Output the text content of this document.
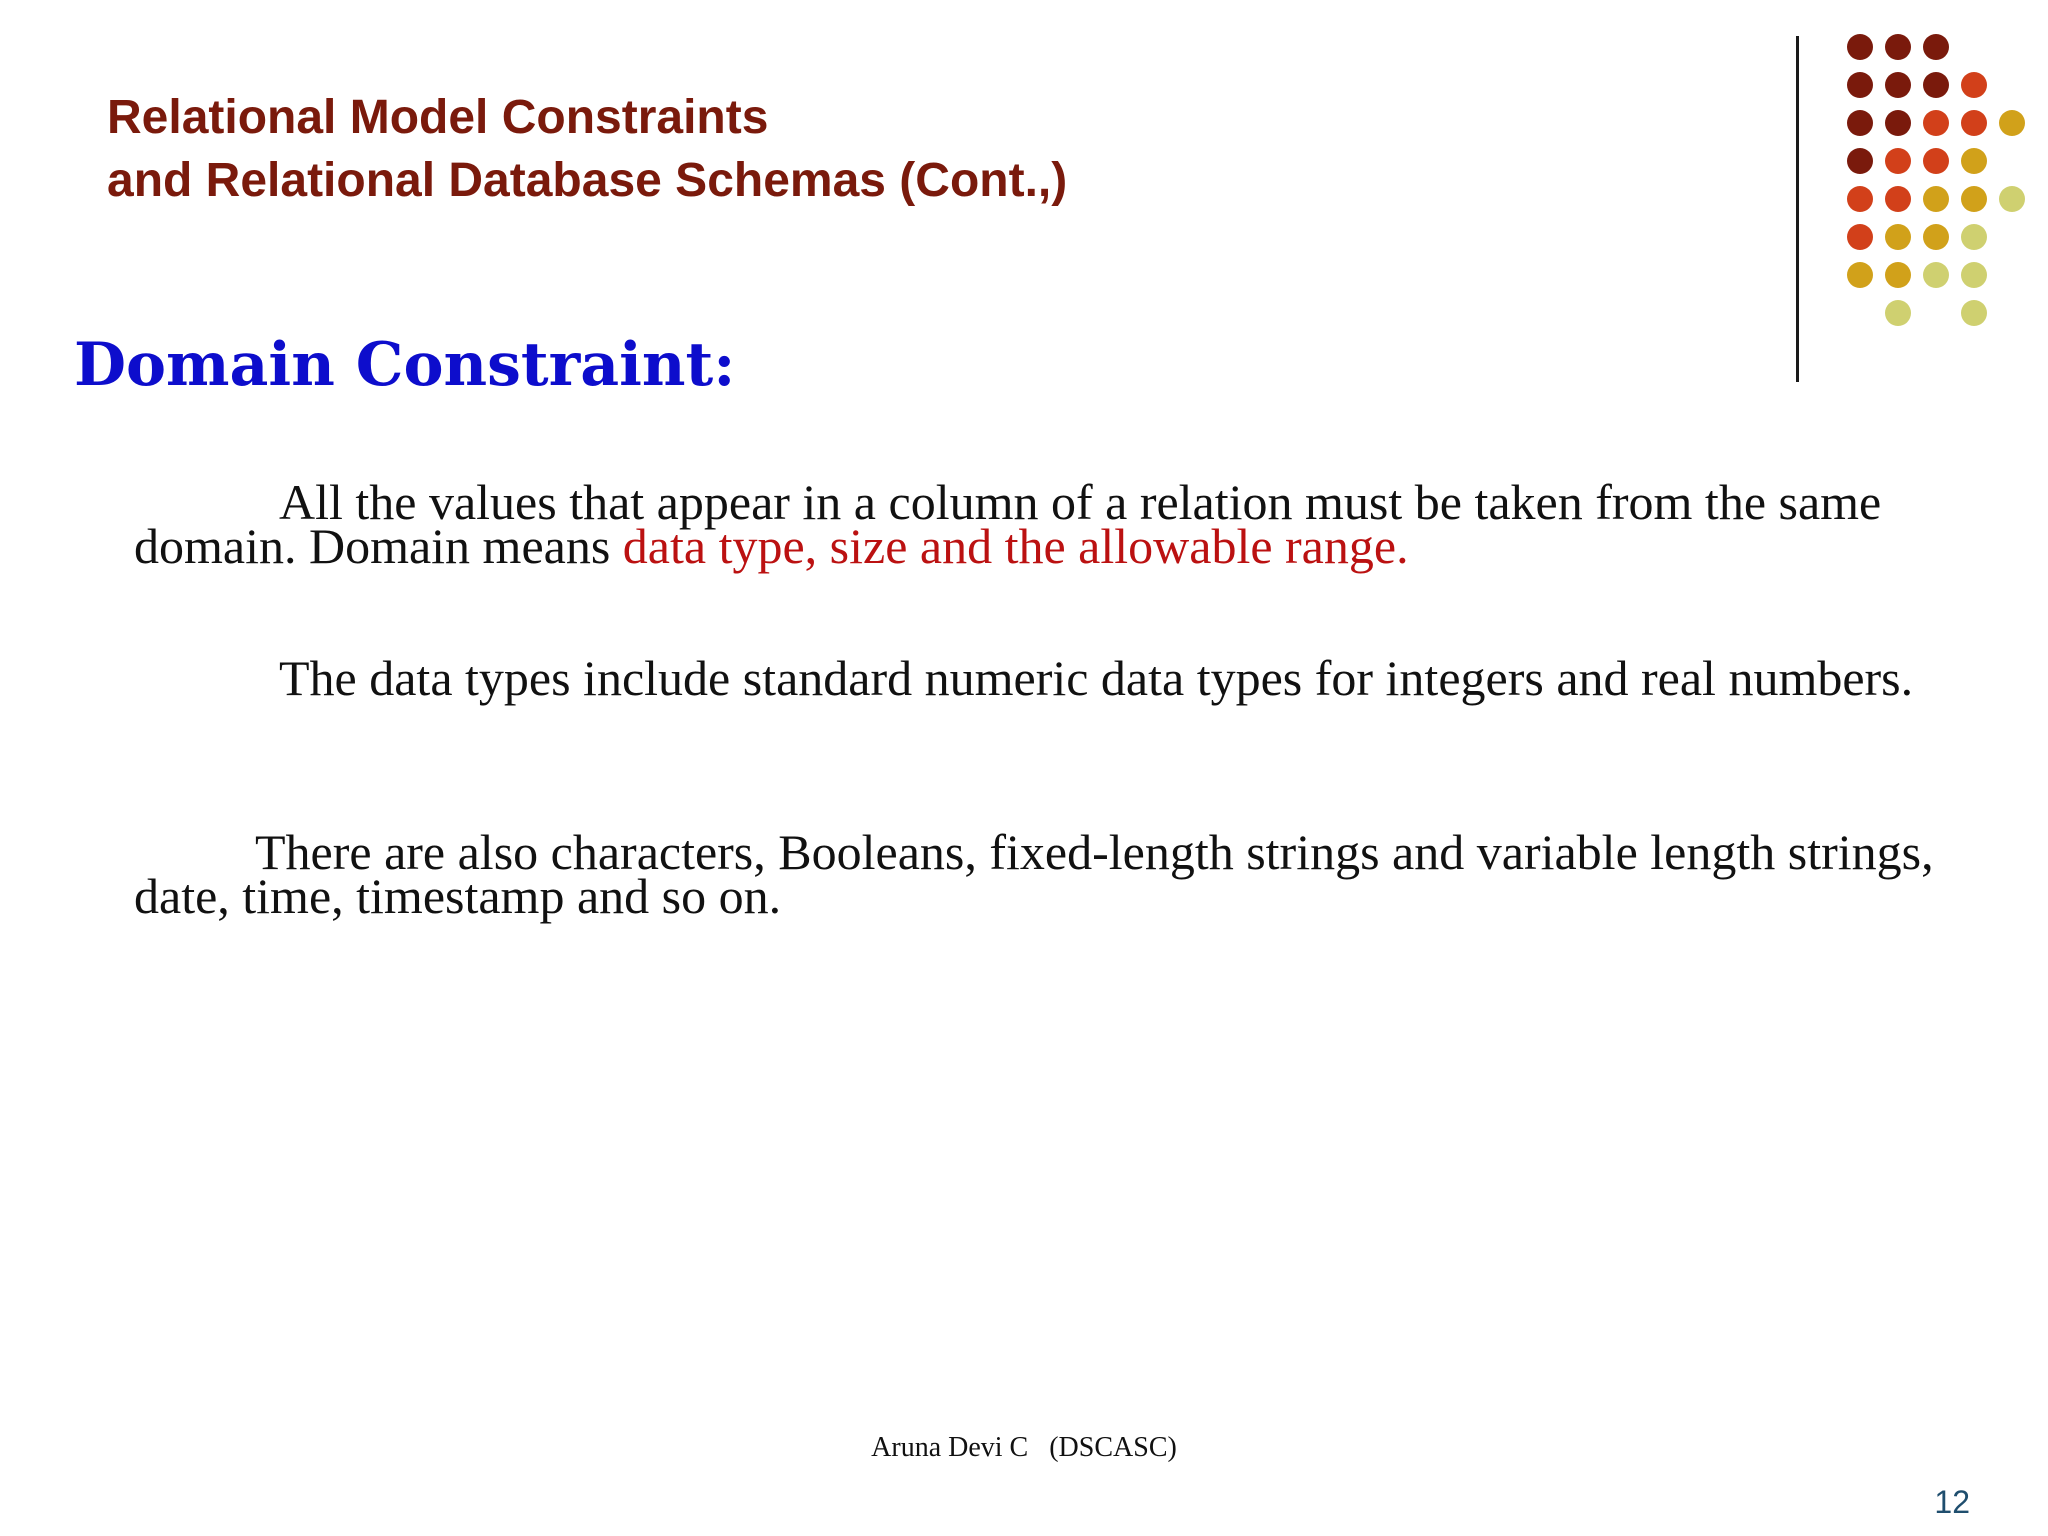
Relational Model Constraints
and Relational Database Schemas (Cont.,)
Domain Constraint:

All the values that appear in a column of a relation must be taken from the same domain. Domain means data type, size and the allowable range.

The data types include standard numeric data types for integers and real numbers.

There are also characters, Booleans, fixed-length strings and variable length strings, date, time, timestamp and so on.

Aruna Devi C   (DSCASC)
12
